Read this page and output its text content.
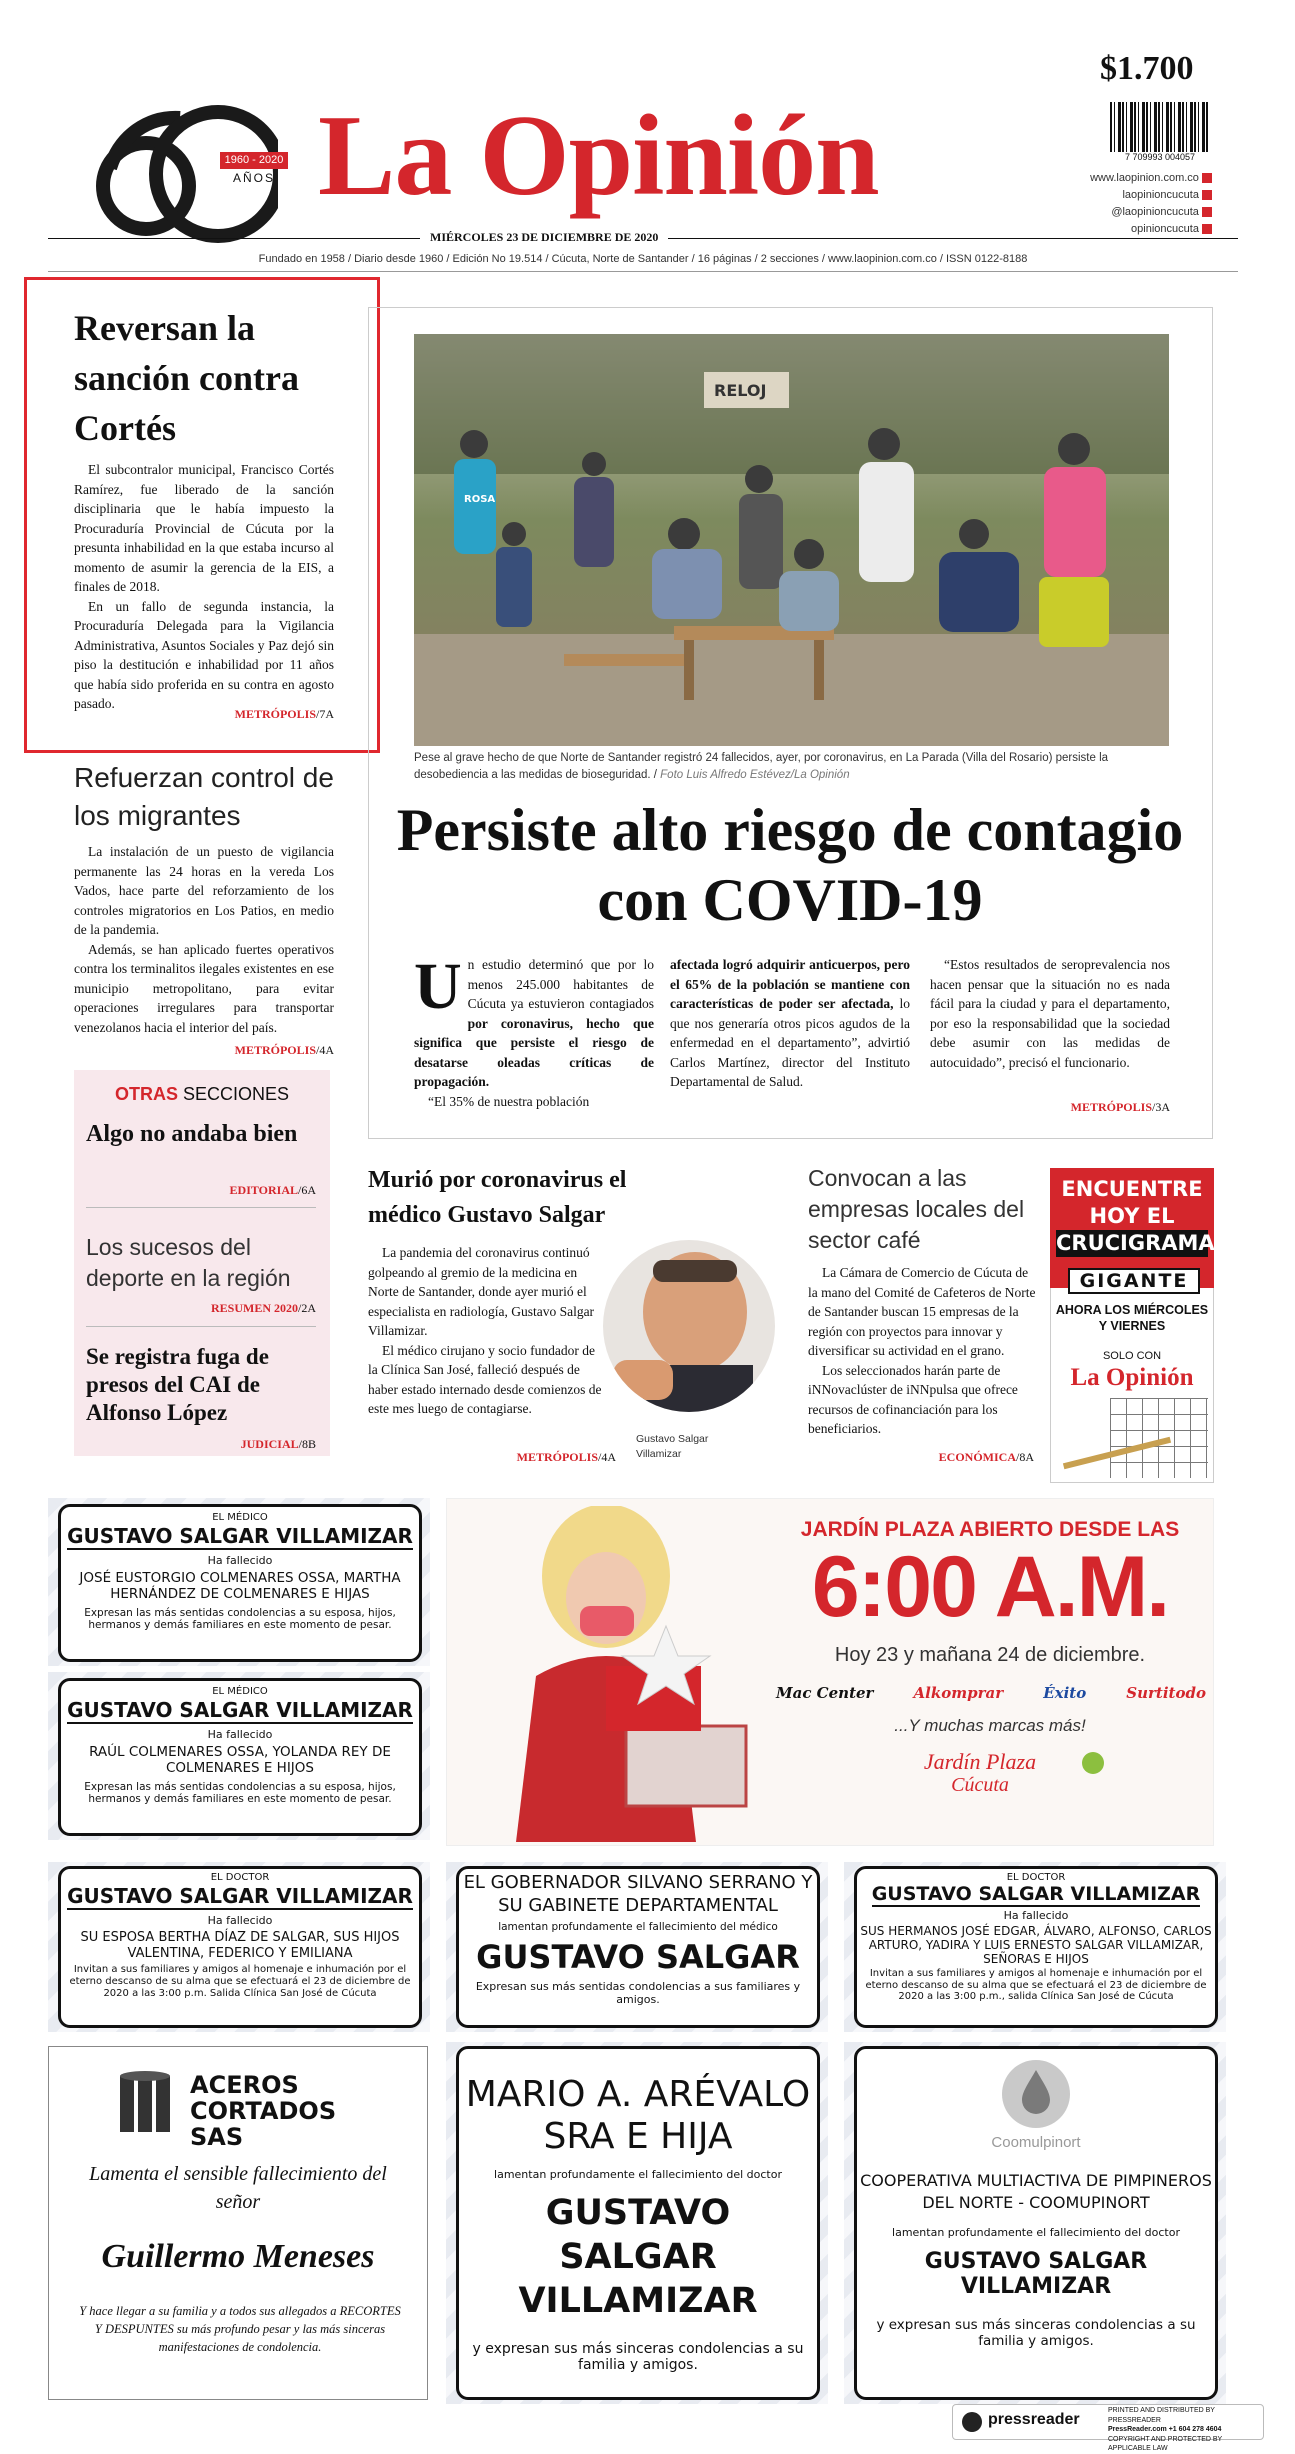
1960 - 2020
AÑOS La Opinión
$1.700
7 709993 004057
www.laopinion.com.co
laopinioncucuta
@laopinioncucuta
opinioncucuta
MIÉRCOLES 23 DE DICIEMBRE DE 2020
Fundado en 1958 / Diario desde 1960 / Edición No 19.514 / Cúcuta, Norte de Santander / 16 páginas / 2 secciones / www.laopinion.com.co / ISSN 0122-8188
Reversan la sanción contra Cortés
El subcontralor municipal, Francisco Cortés Ramírez, fue liberado de la sanción disciplinaria que le había impuesto la Procuraduría Provincial de Cúcuta por la presunta inhabilidad en la que estaba incurso al momento de asumir la gerencia de la EIS, a finales de 2018.
En un fallo de segunda instancia, la Procuraduría Delegada para la Vigilancia Administrativa, Asuntos Sociales y Paz dejó sin piso la destitución e inhabilidad por 11 años que había sido proferida en su contra en agosto pasado.
METRÓPOLIS/7A
Refuerzan control de los migrantes
La instalación de un puesto de vigilancia permanente las 24 horas en la vereda Los Vados, hace parte del reforzamiento de los controles migratorios en Los Patios, en medio de la pandemia.
Además, se han aplicado fuertes operativos contra los terminalitos ilegales existentes en ese municipio metropolitano, para evitar operaciones irregulares para transportar venezolanos hacia el interior del país.
METRÓPOLIS/4A
OTRAS SECCIONES
Algo no andaba bien
EDITORIAL/6A
Los sucesos del deporte en la región
RESUMEN 2020/2A
Se registra fuga de presos del CAI de Alfonso López
JUDICIAL/8B
RELOJ
ROSA
Pese al grave hecho de que Norte de Santander registró 24 fallecidos, ayer, por coronavirus, en La Parada (Villa del Rosario) persiste la desobediencia a las medidas de bioseguridad. / Foto Luis Alfredo Estévez/La Opinión
Persiste alto riesgo de contagio con COVID-19
Un estudio determinó que por lo menos 245.000 habitantes de Cúcuta ya estuvieron contagiados por coronavirus, hecho que significa que persiste el riesgo de desatarse oleadas críticas de propagación.
“El 35% de nuestra población
afectada logró adquirir anticuerpos, pero el 65% de la población se mantiene con características de poder ser afectada, lo que nos generaría otros picos agudos de la enfermedad en el departamento”, advirtió Carlos Martínez, director del Instituto Departamental de Salud.
“Estos resultados de seroprevalencia nos hacen pensar que la situación no es nada fácil para la ciudad y para el departamento, por eso la responsabilidad que la sociedad debe asumir con las medidas de autocuidado”, precisó el funcionario.
METRÓPOLIS/3A
Murió por coronavirus el médico Gustavo Salgar
La pandemia del coronavirus continuó golpeando al gremio de la medicina en Norte de Santander, donde ayer murió el especialista en radiología, Gustavo Salgar Villamizar.
El médico cirujano y socio fundador de la Clínica San José, falleció después de haber estado internado desde comienzos de este mes luego de contagiarse.
METRÓPOLIS/4A
Gustavo Salgar Villamizar
Convocan a las empresas locales del sector café
La Cámara de Comercio de Cúcuta de la mano del Comité de Cafeteros de Norte de Santander buscan 15 empresas de la región con proyectos para innovar y diversificar su actividad en el grano.
Los seleccionados harán parte de iNNovaclúster de iNNpulsa que ofrece recursos de cofinanciación para los beneficiarios.
ECONÓMICA/8A
ENCUENTRE
HOY EL
CRUCIGRAMA
GIGANTE
AHORA LOS MIÉRCOLES Y VIERNES
SOLO CON
La Opinión
EL MÉDICO
GUSTAVO SALGAR VILLAMIZAR
Ha fallecido
JOSÉ EUSTORGIO COLMENARES OSSA, MARTHA HERNÁNDEZ DE COLMENARES E HIJAS
Expresan las más sentidas condolencias a su esposa, hijos, hermanos y demás familiares en este momento de pesar.
EL MÉDICO
GUSTAVO SALGAR VILLAMIZAR
Ha fallecido
RAÚL COLMENARES OSSA, YOLANDA REY DE COLMENARES E HIJOS
Expresan las más sentidas condolencias a su esposa, hijos, hermanos y demás familiares en este momento de pesar.
JARDÍN PLAZA ABIERTO DESDE LAS
6:00 A.M.
Hoy 23 y mañana 24 de diciembre.
Mac Center	Alkomprar	Éxito	Surtitodo
...Y muchas marcas más!
Jardín Plaza
Cúcuta
EL DOCTOR
GUSTAVO SALGAR VILLAMIZAR
Ha fallecido
SU ESPOSA BERTHA DÍAZ DE SALGAR, SUS HIJOS VALENTINA, FEDERICO Y EMILIANA
Invitan a sus familiares y amigos al homenaje e inhumación por el eterno descanso de su alma que se efectuará el 23 de diciembre de 2020 a las 3:00 p.m. Salida Clínica San José de Cúcuta
EL GOBERNADOR SILVANO SERRANO Y SU GABINETE DEPARTAMENTAL
lamentan profundamente el fallecimiento del médico
GUSTAVO SALGAR
Expresan sus más sentidas condolencias a sus familiares y amigos.
EL DOCTOR
GUSTAVO SALGAR VILLAMIZAR
Ha fallecido
SUS HERMANOS JOSÉ EDGAR, ÁLVARO, ALFONSO, CARLOS ARTURO, YADIRA Y LUIS ERNESTO SALGAR VILLAMIZAR, SEÑORAS E HIJOS
Invitan a sus familiares y amigos al homenaje e inhumación por el eterno descanso de su alma que se efectuará el 23 de diciembre de 2020 a las 3:00 p.m., salida Clínica San José de Cúcuta
ACEROS
CORTADOS SAS
Lamenta el sensible fallecimiento del señor
Guillermo Meneses
Y hace llegar a su familia y a todos sus allegados a RECORTES Y DESPUNTES su más profundo pesar y las más sinceras manifestaciones de condolencia.
MARIO A. ARÉVALO SRA E HIJA
lamentan profundamente el fallecimiento del doctor
GUSTAVO SALGAR VILLAMIZAR
y expresan sus más sinceras condolencias a su familia y amigos.
Coomulpinort
COOPERATIVA MULTIACTIVA DE PIMPINEROS DEL NORTE - COOMUPINORT
lamentan profundamente el fallecimiento del doctor
GUSTAVO SALGAR VILLAMIZAR
y expresan sus más sinceras condolencias a su familia y amigos.
pressreader
PRINTED AND DISTRIBUTED BY PRESSREADER
PressReader.com +1 604 278 4604
COPYRIGHT AND PROTECTED BY APPLICABLE LAW
